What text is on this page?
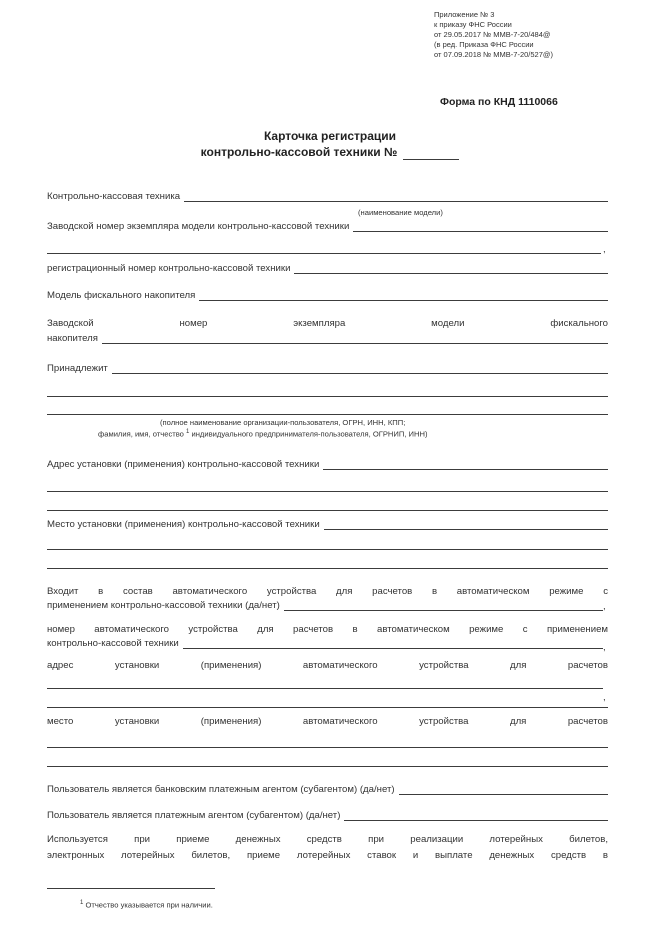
Приложение № 3
к приказу ФНС России
от 29.05.2017 № ММВ-7-20/484@
(в ред. Приказа ФНС России
от 07.09.2018 № ММВ-7-20/527@)
Форма по КНД 1110066
Карточка регистрации
контрольно-кассовой техники №
Контрольно-кассовая техника
(наименование модели)
Заводской номер экземпляра модели контрольно-кассовой техники
,
регистрационный номер контрольно-кассовой техники
Модель фискального накопителя
Заводской	номер	экземпляра	модели	фискального
накопителя
Принадлежит
(полное наименование организации-пользователя, ОГРН, ИНН, КПП;
фамилия, имя, отчество $^1$ индивидуального предпринимателя-пользователя, ОГРНИП, ИНН)
Адрес установки (применения) контрольно-кассовой техники
Место установки (применения) контрольно-кассовой техники
Входит в состав автоматического устройства для расчетов в автоматическом режиме с
применением контрольно-кассовой техники (да/нет)	,
номер автоматического устройства для расчетов в автоматическом режиме с применением
контрольно-кассовой техники	,
адрес	установки	(применения)	автоматического	устройства	для	расчетов
,
место	установки	(применения)	автоматического	устройства	для	расчетов
Пользователь является банковским платежным агентом (субагентом) (да/нет)
Пользователь является платежным агентом (субагентом) (да/нет)
Используется при приеме денежных средств при реализации лотерейных билетов,
электронных лотерейных билетов, приеме лотерейных ставок и выплате денежных средств в
$^1$ Отчество указывается при наличии.
